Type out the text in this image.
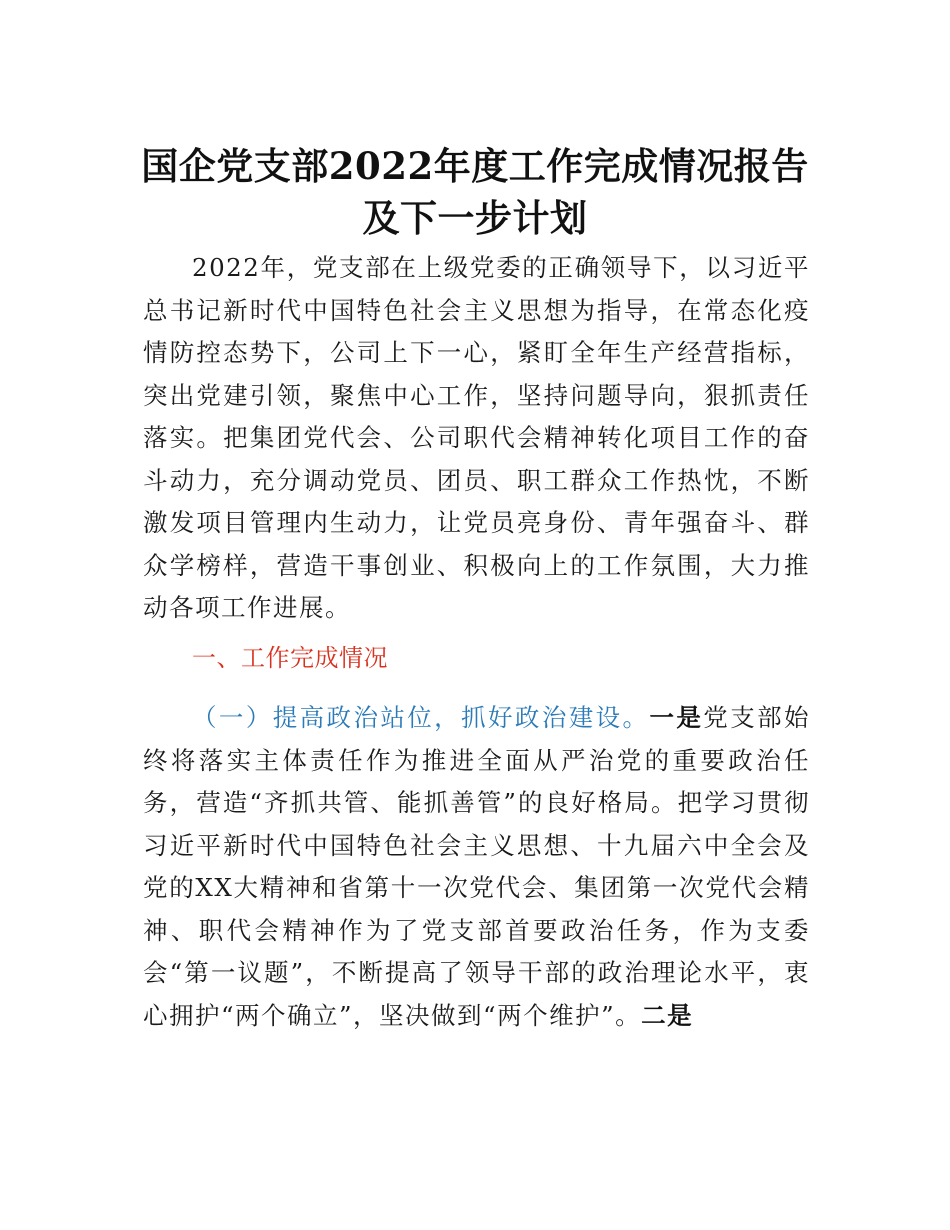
国企党支部2022年度工作完成情况报告及下一步计划

2022年，党支部在上级党委的正确领导下，以习近平总书记新时代中国特色社会主义思想为指导，在常态化疫情防控态势下，公司上下一心，紧盯全年生产经营指标，突出党建引领，聚焦中心工作，坚持问题导向，狠抓责任落实。把集团党代会、公司职代会精神转化项目工作的奋斗动力，充分调动党员、团员、职工群众工作热忱，不断激发项目管理内生动力，让党员亮身份、青年强奋斗、群众学榜样，营造干事创业、积极向上的工作氛围，大力推动各项工作进展。

一、工作完成情况

（一）提高政治站位，抓好政治建设。一是党支部始终将落实主体责任作为推进全面从严治党的重要政治任务，营造“齐抓共管、能抓善管”的良好格局。把学习贯彻习近平新时代中国特色社会主义思想、十九届六中全会及党的XX大精神和省第十一次党代会、集团第一次党代会精神、职代会精神作为了党支部首要政治任务，作为支委会“第一议题”，不断提高了领导干部的政治理论水平，衷心拥护“两个确立”，坚决做到“两个维护”。二是
